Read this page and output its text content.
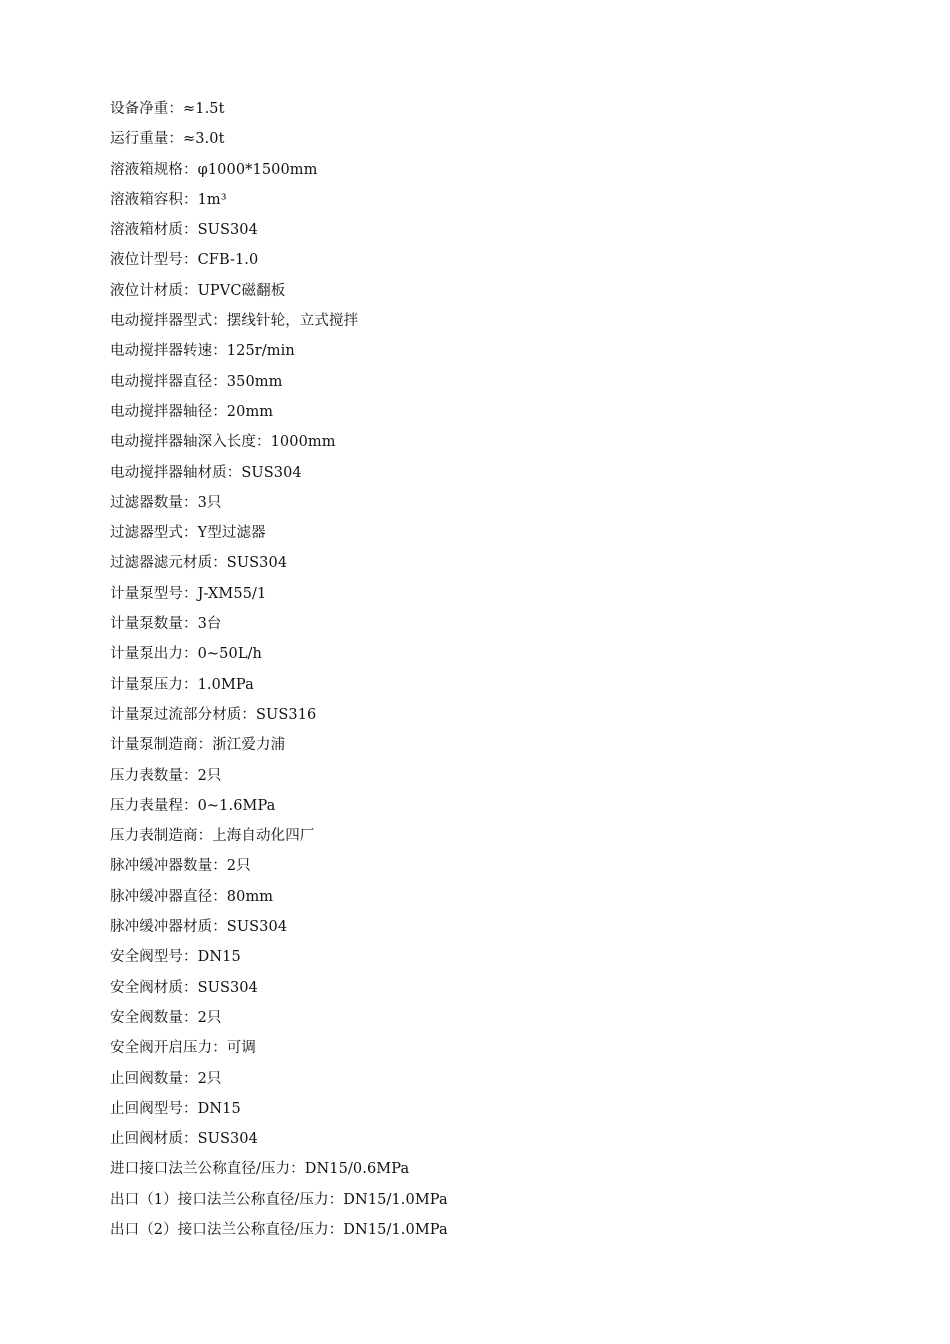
设备净重：≈1.5t
运行重量：≈3.0t
溶液箱规格：φ1000*1500mm
溶液箱容积：1m³
溶液箱材质：SUS304
液位计型号：CFB-1.0
液位计材质：UPVC磁翻板
电动搅拌器型式：摆线针轮，立式搅拌
电动搅拌器转速：125r/min
电动搅拌器直径：350mm
电动搅拌器轴径：20mm
电动搅拌器轴深入长度：1000mm
电动搅拌器轴材质：SUS304
过滤器数量：3只
过滤器型式：Y型过滤器
过滤器滤元材质：SUS304
计量泵型号：J-XM55/1
计量泵数量：3台
计量泵出力：0~50L/h
计量泵压力：1.0MPa
计量泵过流部分材质：SUS316
计量泵制造商：浙江爱力浦
压力表数量：2只
压力表量程：0~1.6MPa
压力表制造商：上海自动化四厂
脉冲缓冲器数量：2只
脉冲缓冲器直径：80mm
脉冲缓冲器材质：SUS304
安全阀型号：DN15
安全阀材质：SUS304
安全阀数量：2只
安全阀开启压力：可调
止回阀数量：2只
止回阀型号：DN15
止回阀材质：SUS304
进口接口法兰公称直径/压力：DN15/0.6MPa
出口（1）接口法兰公称直径/压力：DN15/1.0MPa
出口（2）接口法兰公称直径/压力：DN15/1.0MPa
